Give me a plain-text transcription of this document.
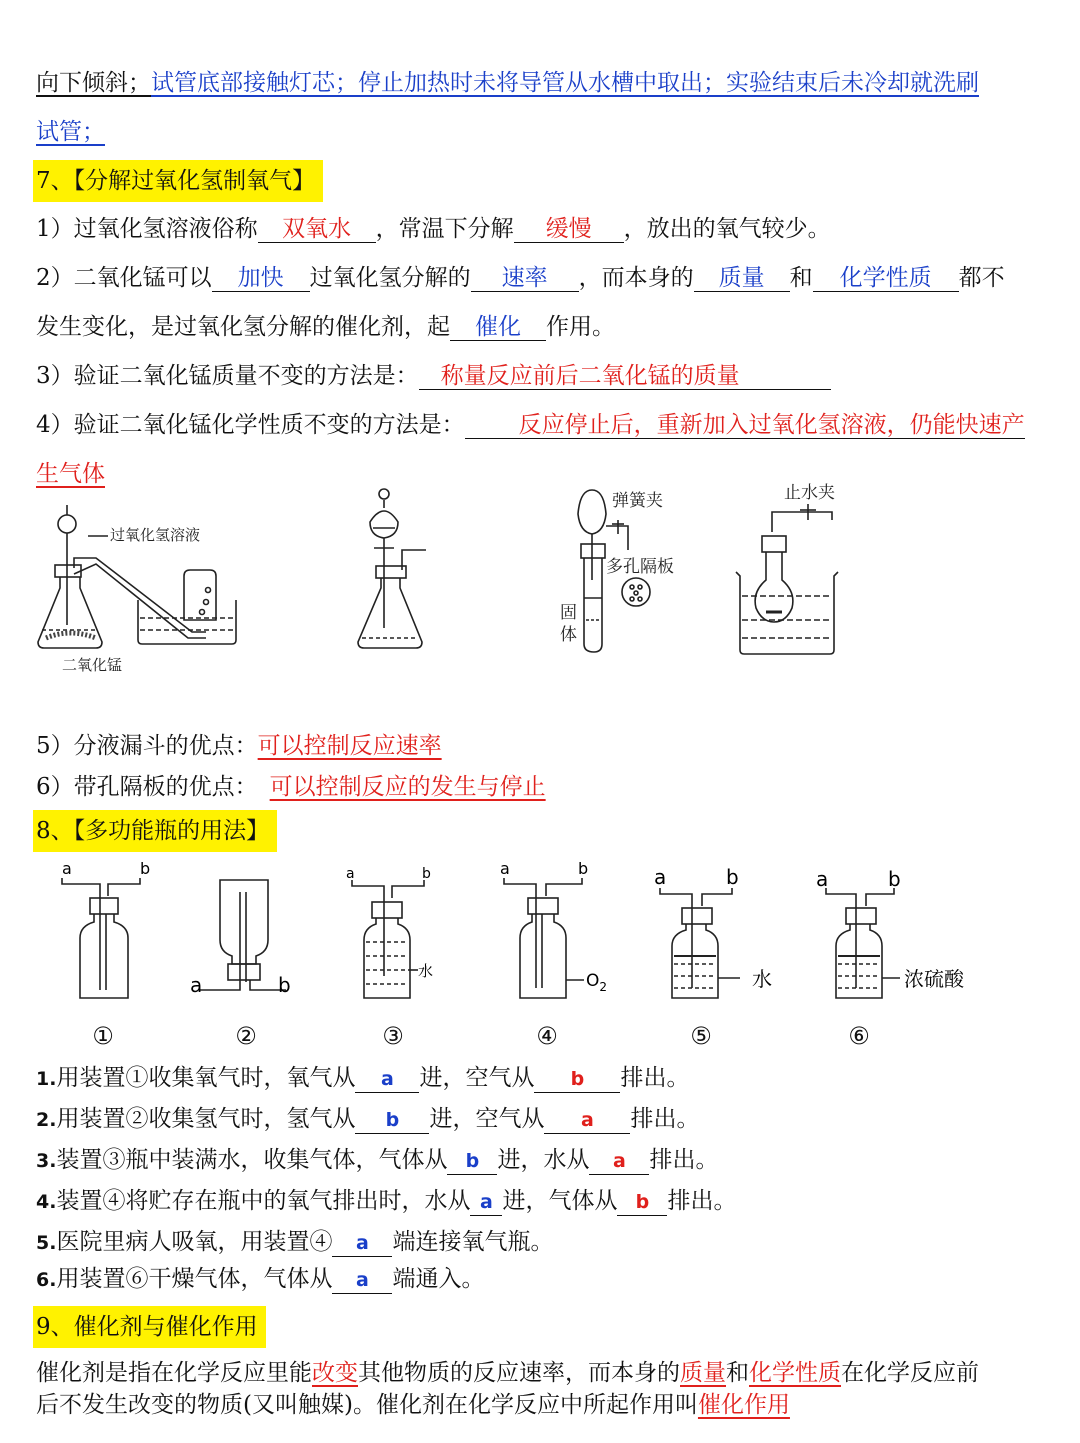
向下倾斜；试管底部接触灯芯；停止加热时未将导管从水槽中取出；实验结束后未冷却就洗刷
试管；
7、【分解过氧化氢制氧气】
1）过氧化氢溶液俗称 双氧水 ，常温下分解 缓慢 ，放出的氧气较少。
2）二氧化锰可以 加快 过氧化氢分解的 速率 ，而本身的 质量 和 化学性质 都不
发生变化，是过氧化氢分解的催化剂，起 催化 作用。
3）验证二氧化锰质量不变的方法是： 称量反应前后二氧化锰的质量
4）验证二氧化锰化学性质不变的方法是： 反应停止后，重新加入过氧化氢溶液，仍能快速产
生气体
过氧化氢溶液
二氧化锰
弹簧夹
多孔隔板
固
体
止水夹
5）分液漏斗的优点：可以控制反应速率
6）带孔隔板的优点： 可以控制反应的发生与停止
8、【多功能瓶的用法】
a	b
a	b
a	b	a	b	a	b	a	b
水	$O_2$	水	浓硫酸
①	②	③	④	⑤	⑥
1.用装置①收集氧气时，氧气从 a 进，空气从 b 排出。
2.用装置②收集氢气时，氢气从 b 进，空气从 a 排出。
3.装置③瓶中装满水，收集气体，气体从 b 进，水从 a 排出。
4.装置④将贮存在瓶中的氧气排出时，水从 a 进，气体从 b 排出。
5.医院里病人吸氧，用装置④ a 端连接氧气瓶。
6.用装置⑥干燥气体，气体从 a 端通入。
9、催化剂与催化作用
催化剂是指在化学反应里能改变其他物质的反应速率，而本身的质量和化学性质在化学反应前
后不发生改变的物质(又叫触媒)。催化剂在化学反应中所起作用叫催化作用
